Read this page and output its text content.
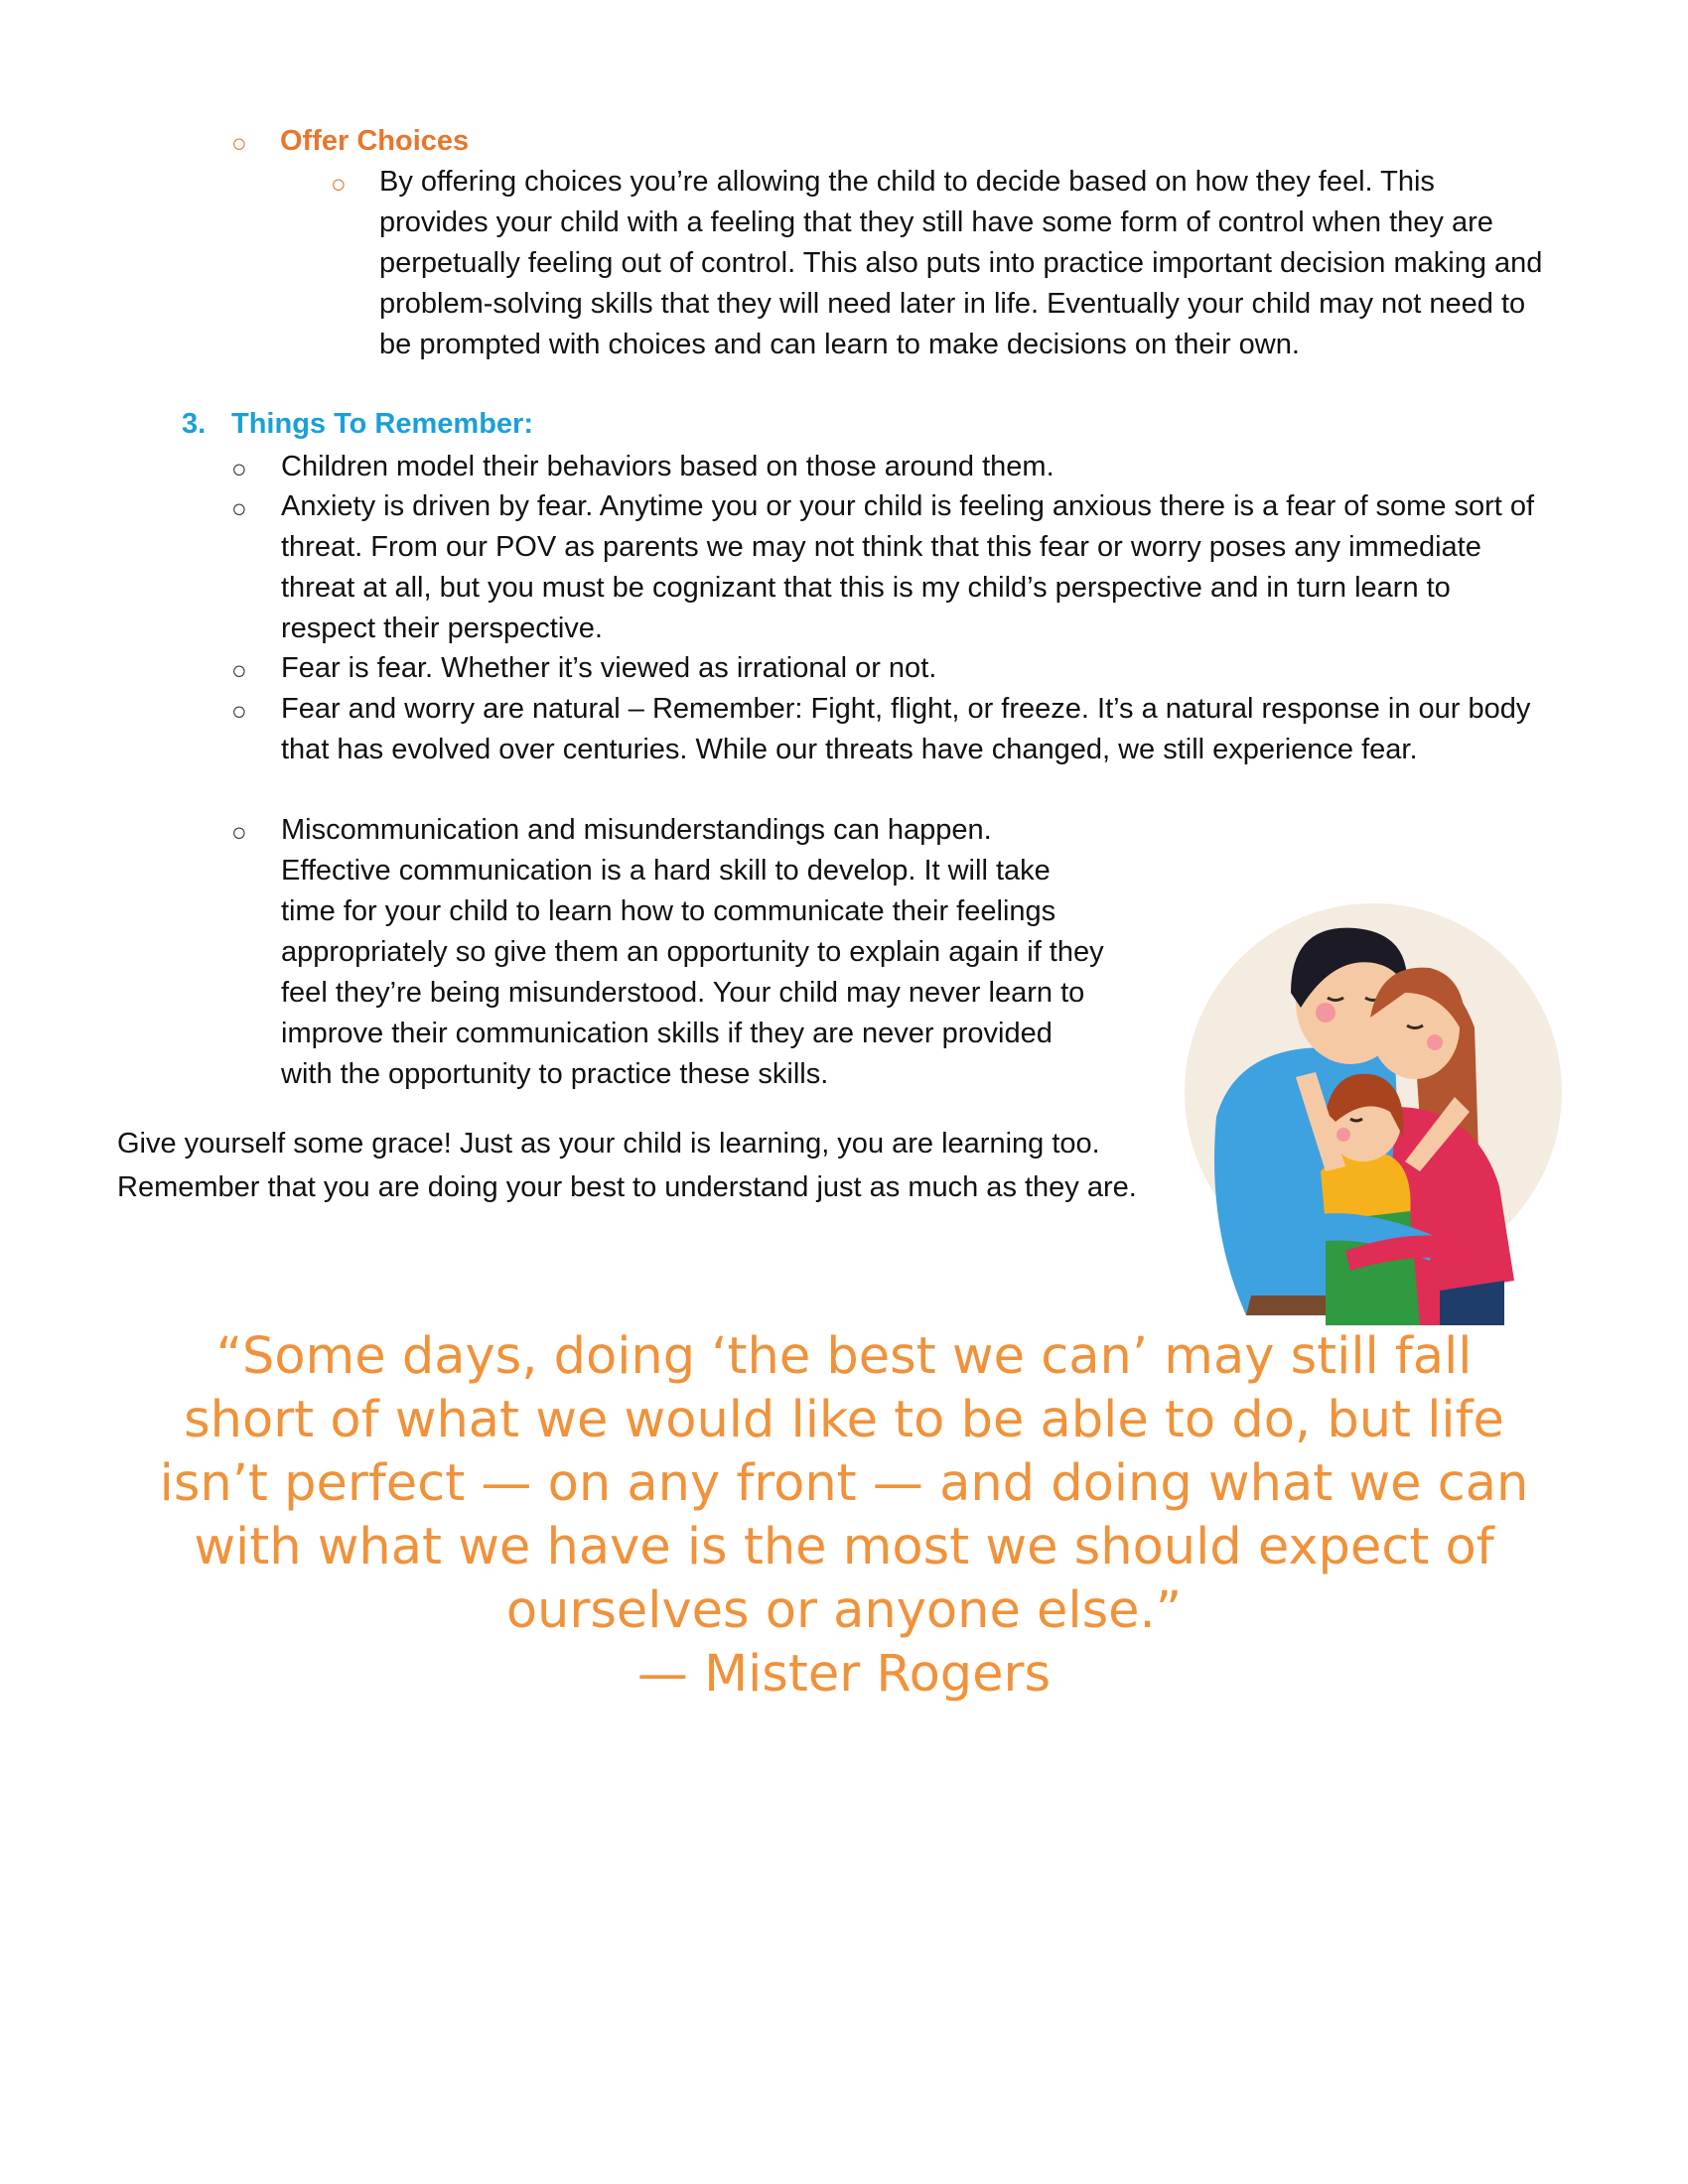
○ Offer Choices

○ By offering choices you’re allowing the child to decide based on how they feel. This provides your child with a feeling that they still have some form of control when they are perpetually feeling out of control. This also puts into practice important decision making and problem-solving skills that they will need later in life. Eventually your child may not need to be prompted with choices and can learn to make decisions on their own.

3. Things To Remember:

○ Children model their behaviors based on those around them.

○ Anxiety is driven by fear. Anytime you or your child is feeling anxious there is a fear of some sort of threat. From our POV as parents we may not think that this fear or worry poses any immediate threat at all, but you must be cognizant that this is my child’s perspective and in turn learn to respect their perspective.

○ Fear is fear. Whether it’s viewed as irrational or not.

○ Fear and worry are natural – Remember: Fight, flight, or freeze. It’s a natural response in our body that has evolved over centuries. While our threats have changed, we still experience fear.

○ Miscommunication and misunderstandings can happen. Effective communication is a hard skill to develop. It will take time for your child to learn how to communicate their feelings appropriately so give them an opportunity to explain again if they feel they’re being misunderstood. Your child may never learn to improve their communication skills if they are never provided with the opportunity to practice these skills.

Give yourself some grace! Just as your child is learning, you are learning too. Remember that you are doing your best to understand just as much as they are.

“Some days, doing ‘the best we can’ may still fall short of what we would like to be able to do, but life isn’t perfect — on any front — and doing what we can with what we have is the most we should expect of ourselves or anyone else.”

— Mister Rogers
